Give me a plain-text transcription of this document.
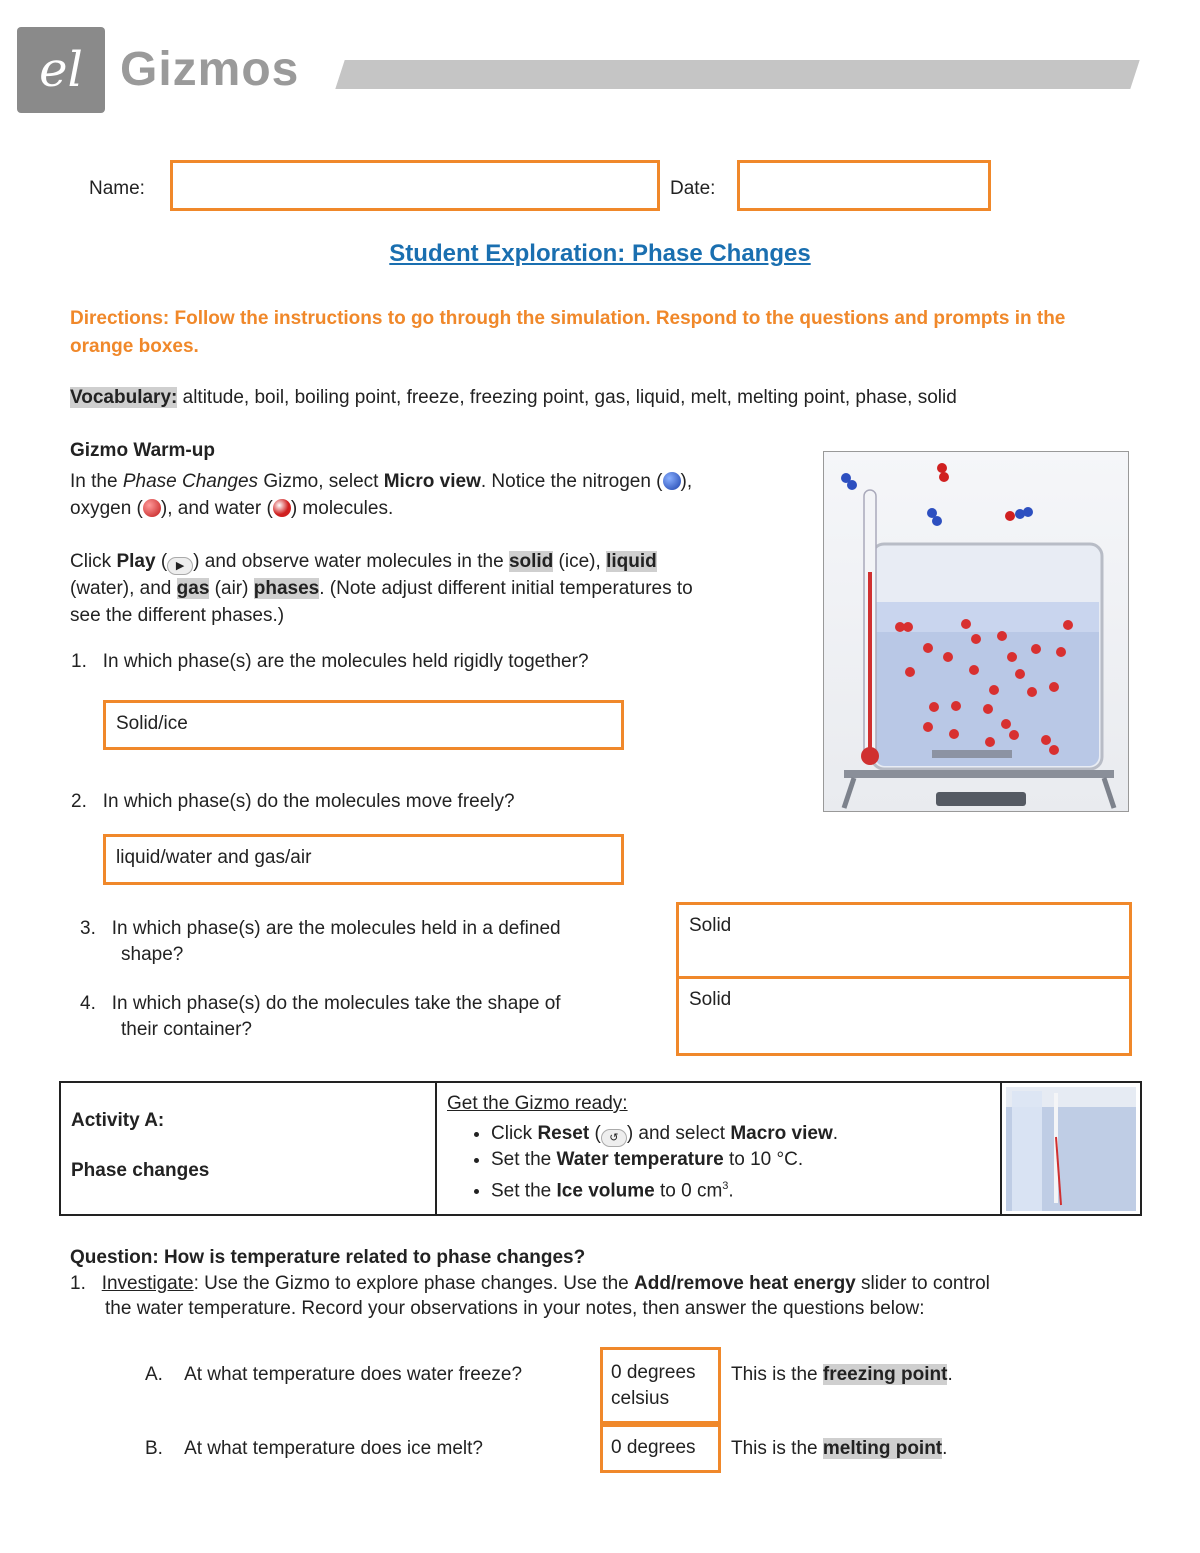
el Gizmos
Name:	Date:
Student Exploration: Phase Changes
Directions: Follow the instructions to go through the simulation. Respond to the questions and prompts in the orange boxes.
Vocabulary: altitude, boil, boiling point, freeze, freezing point, gas, liquid, melt, melting point, phase, solid
Gizmo Warm-up
In the Phase Changes Gizmo, select Micro view. Notice the nitrogen ( ),
oxygen ( ), and water ( ) molecules.
Click Play ( ▶ ) and observe water molecules in the solid (ice), liquid
(water), and gas (air) phases. (Note adjust different initial temperatures to
see the different phases.)
1. In which phase(s) are the molecules held rigidly together?
Solid/ice
2. In which phase(s) do the molecules move freely?
liquid/water and gas/air
3. In which phase(s) are the molecules held in a defined
shape?
4. In which phase(s) do the molecules take the shape of
their container?
Solid
Solid
Activity A:
Phase changes
Get the Gizmo ready:
• Click Reset ( ↺ ) and select Macro view.
• Set the Water temperature to 10 °C.
• Set the Ice volume to 0 $cm^3$.
Question: How is temperature related to phase changes?
1. Investigate: Use the Gizmo to explore phase changes. Use the Add/remove heat energy slider to control
the water temperature. Record your observations in your notes, then answer the questions below:
A. At what temperature does water freeze?	0 degrees
celsius
This is the freezing point.
B. At what temperature does ice melt?	0 degrees	This is the melting point.
